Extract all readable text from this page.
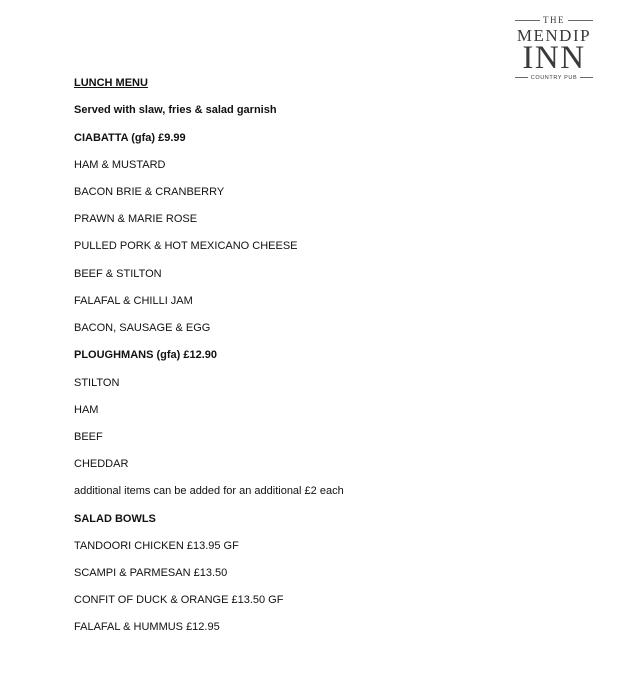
THE
MENDIP
INN
COUNTRY PUB
LUNCH MENU
Served with slaw, fries & salad garnish
CIABATTA (gfa) £9.99
HAM & MUSTARD
BACON BRIE & CRANBERRY
PRAWN & MARIE ROSE
PULLED PORK & HOT MEXICANO CHEESE
BEEF & STILTON
FALAFAL & CHILLI JAM
BACON, SAUSAGE & EGG
PLOUGHMANS (gfa) £12.90
STILTON
HAM
BEEF
CHEDDAR
additional items can be added for an additional £2 each
SALAD BOWLS
TANDOORI CHICKEN £13.95 GF
SCAMPI & PARMESAN £13.50
CONFIT OF DUCK & ORANGE £13.50 GF
FALAFAL & HUMMUS £12.95
